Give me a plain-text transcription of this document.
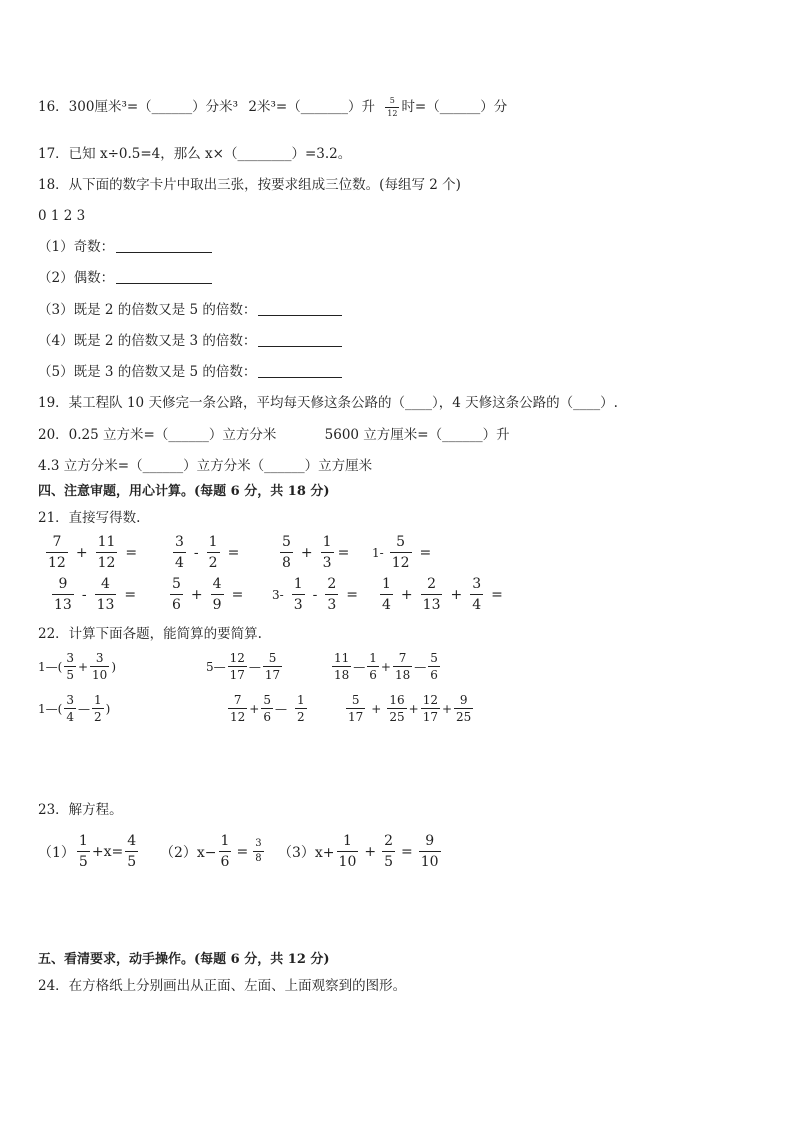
16．300厘米³=（______）分米³ 2米³=（_______）升 $\frac{5}{12}$ 时=（______）分
17．已知 x÷0.5=4，那么 x×（________）=3.2。
18．从下面的数字卡片中取出三张，按要求组成三位数。(每组写 2 个)
0 1 2 3
（1）奇数：
（2）偶数：
（3）既是 2 的倍数又是 5 的倍数：
（4）既是 2 的倍数又是 3 的倍数：
（5）既是 3 的倍数又是 5 的倍数：
19．某工程队 10 天修完一条公路，平均每天修这条公路的（____），4 天修这条公路的（____）.
20．0.25 立方米=（______）立方分米	5600 立方厘米=（______）升
4.3 立方分米=（______）立方分米（______）立方厘米
四、注意审题，用心计算。(每题 6 分，共 18 分)
21．直接写得数.
$\frac{7}{12} + \frac{11}{12}$ =	$\frac{3}{4} - \frac{1}{2}$ =	$\frac{5}{8} + \frac{1}{3} = 1- \frac{5}{12}$ =
$\frac{9}{13} - \frac{4}{13} = \frac{5}{6} + \frac{4}{9} = 3- \frac{1}{3} - \frac{2}{3} = \frac{1}{4} + \frac{2}{13} + \frac{3}{4}$ =
22．计算下面各题，能简算的要简算.
1—( $\frac{3}{5} + \frac{3}{10}$ )	5— $\frac{12}{17}$ — $\frac{5}{17}$	$\frac{11}{18}$ — $\frac{1}{6} + \frac{7}{18}$ — $\frac{5}{6}$
1—( $\frac{3}{4}$ — $\frac{1}{2}$ )	$\frac{7}{12} + \frac{5}{6}$ — $\frac{1}{2}$	$\frac{5}{17} + \frac{16}{25} + \frac{12}{17} + \frac{9}{25}$
23．解方程。
$(1) \frac{1}{5} +x= \frac{4}{5} (2)x- \frac{1}{6} = \frac{3}{8} (3)x+ \frac{1}{10} + \frac{2}{5} = \frac{9}{10}$
五、看清要求，动手操作。(每题 6 分，共 12 分)
24．在方格纸上分别画出从正面、左面、上面观察到的图形。
